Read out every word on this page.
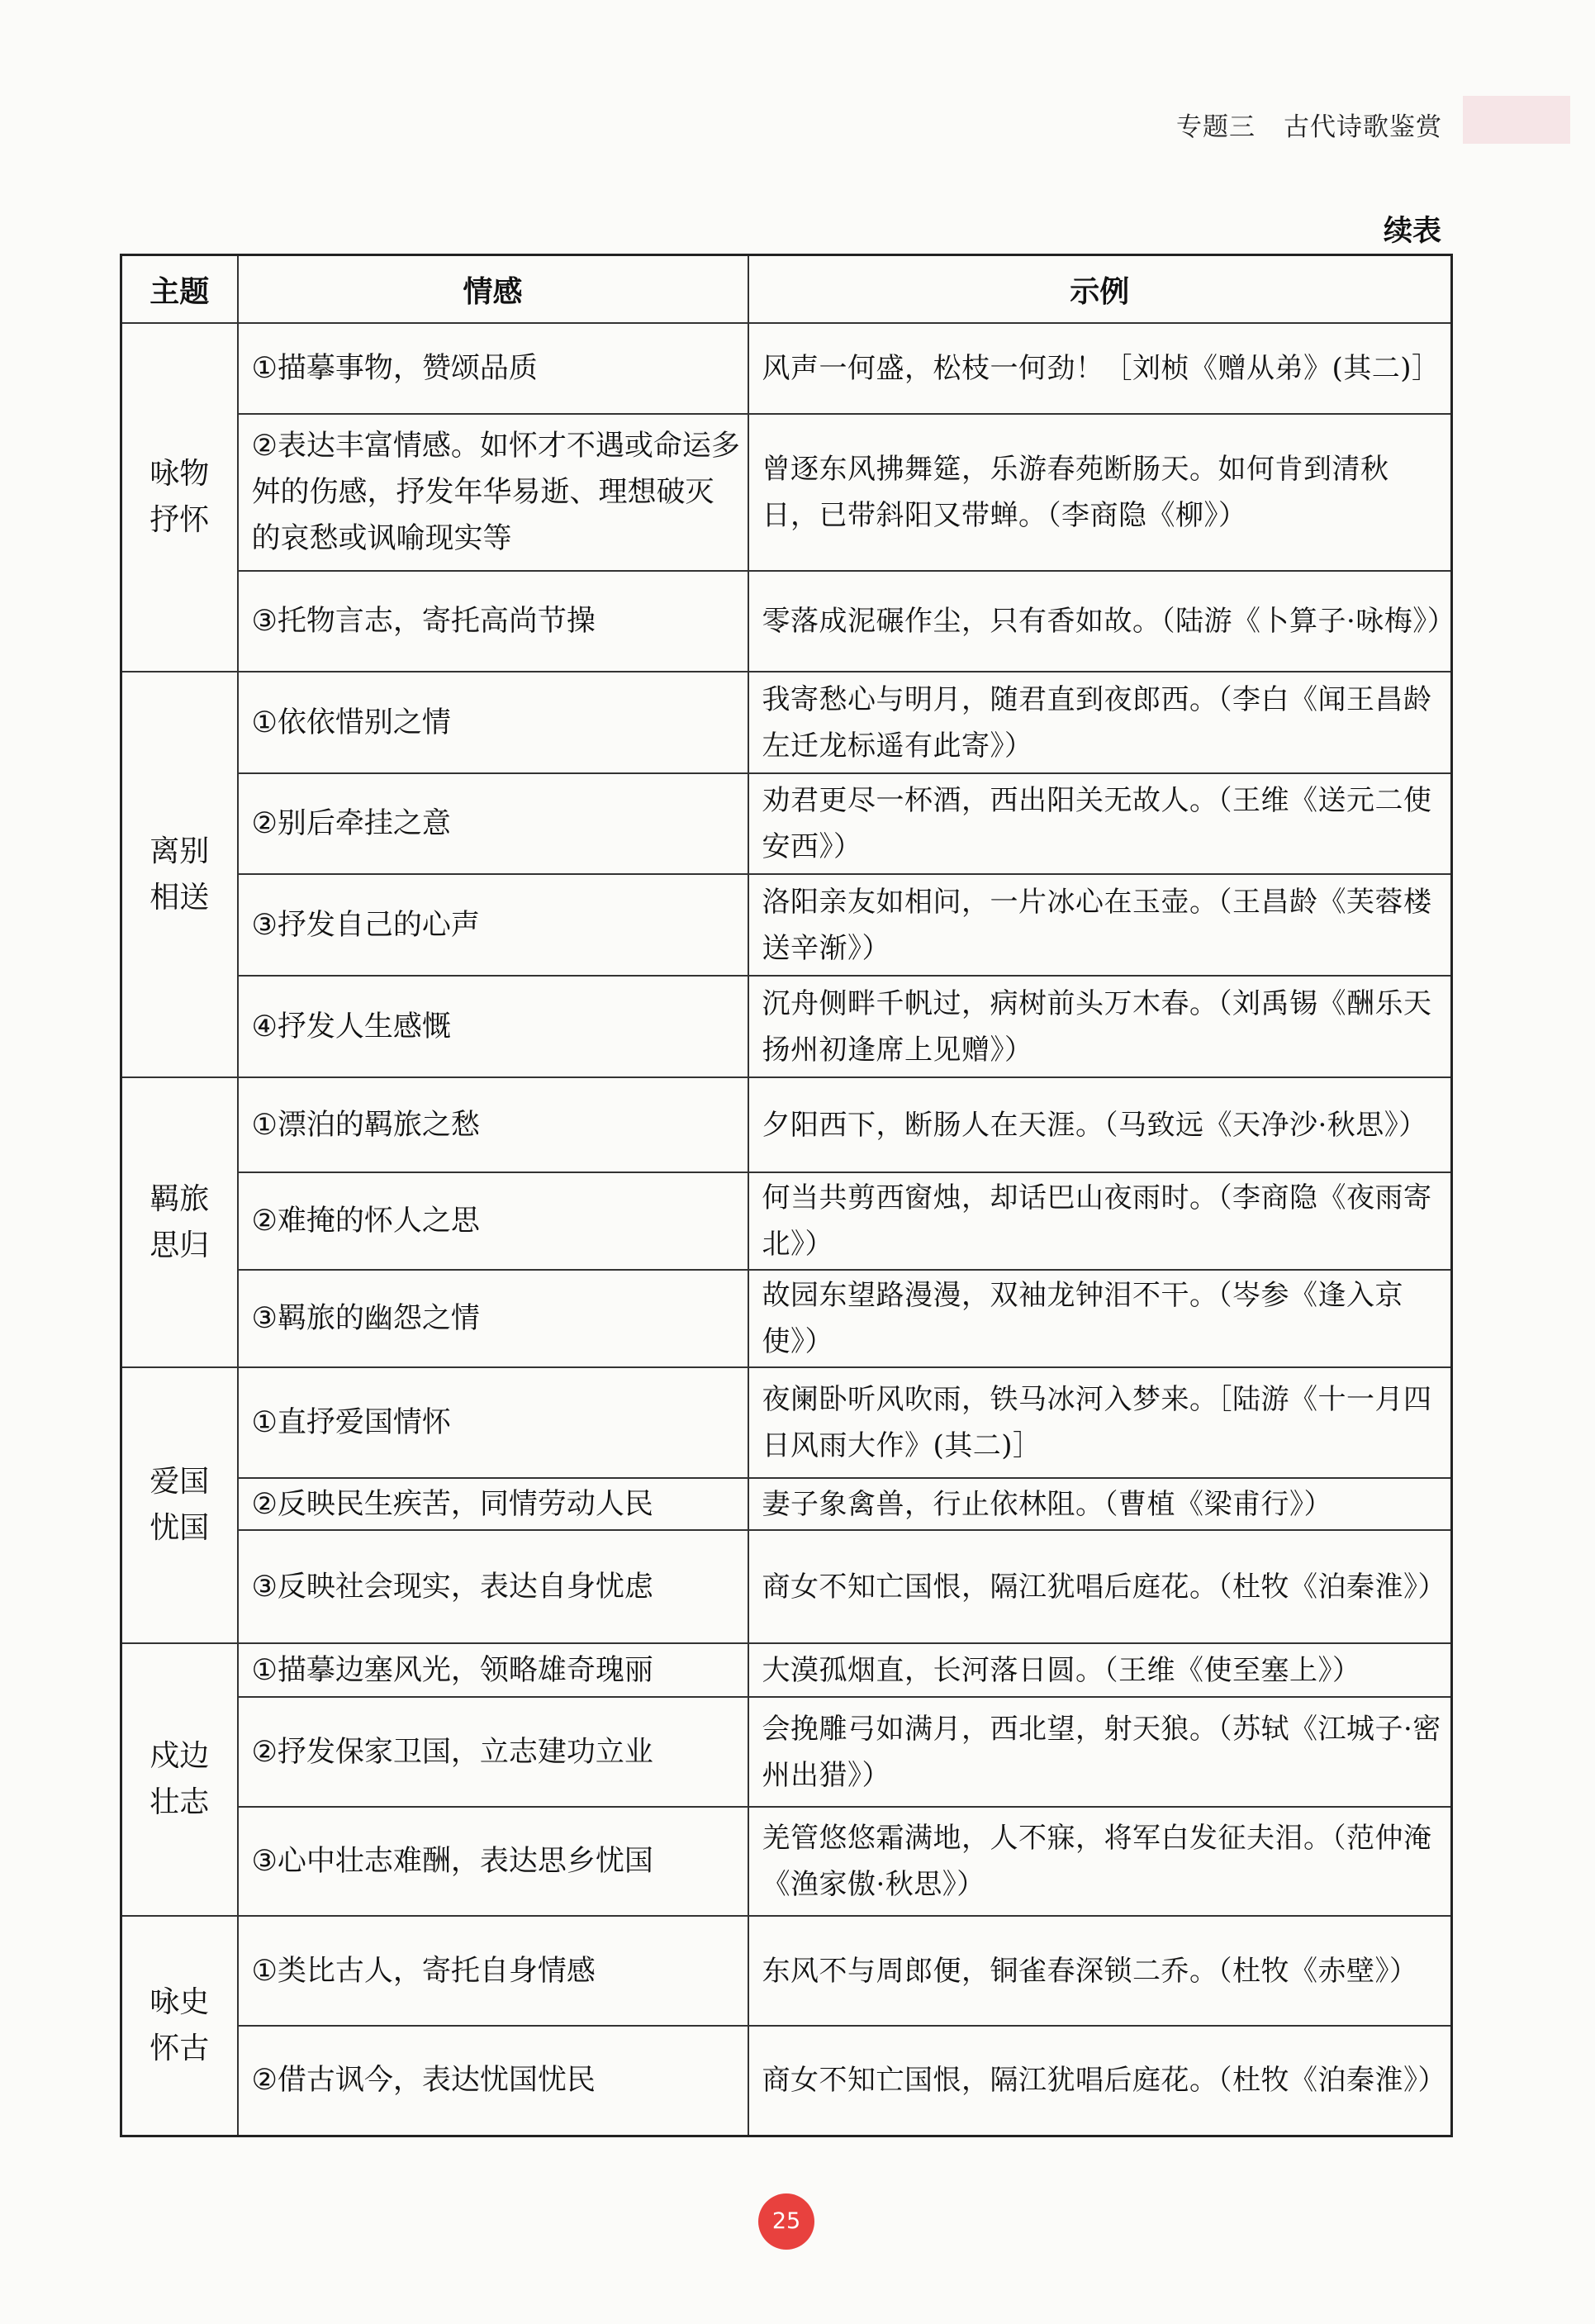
专题三 古代诗歌鉴赏
续表
主题	情感	示例

咏物
抒怀	①描摹事物，赞颂品质	风声一何盛，松枝一何劲！［刘桢《赠从弟》(其二)］
	②表达丰富情感。如怀才不遇或命运多舛的伤感，抒发年华易逝、理想破灭的哀愁或讽喻现实等	曾逐东风拂舞筵，乐游春苑断肠天。如何肯到清秋日，已带斜阳又带蝉。（李商隐《柳》）
	③托物言志，寄托高尚节操	零落成泥碾作尘，只有香如故。（陆游《卜算子·咏梅》）

离别
相送	①依依惜别之情	我寄愁心与明月，随君直到夜郎西。（李白《闻王昌龄左迁龙标遥有此寄》）
	②别后牵挂之意	劝君更尽一杯酒，西出阳关无故人。（王维《送元二使安西》）
	③抒发自己的心声	洛阳亲友如相问，一片冰心在玉壶。（王昌龄《芙蓉楼送辛渐》）
	④抒发人生感慨	沉舟侧畔千帆过，病树前头万木春。（刘禹锡《酬乐天扬州初逢席上见赠》）

羁旅
思归	①漂泊的羁旅之愁	夕阳西下，断肠人在天涯。（马致远《天净沙·秋思》）
	②难掩的怀人之思	何当共剪西窗烛，却话巴山夜雨时。（李商隐《夜雨寄北》）
	③羁旅的幽怨之情	故园东望路漫漫，双袖龙钟泪不干。（岑参《逢入京使》）

爱国
忧国	①直抒爱国情怀	夜阑卧听风吹雨，铁马冰河入梦来。［陆游《十一月四日风雨大作》(其二)］
	②反映民生疾苦，同情劳动人民	妻子象禽兽，行止依林阻。（曹植《梁甫行》）
	③反映社会现实，表达自身忧虑	商女不知亡国恨，隔江犹唱后庭花。（杜牧《泊秦淮》）

戍边
壮志	①描摹边塞风光，领略雄奇瑰丽	大漠孤烟直，长河落日圆。（王维《使至塞上》）
	②抒发保家卫国，立志建功立业	会挽雕弓如满月，西北望，射天狼。（苏轼《江城子·密州出猎》）
	③心中壮志难酬，表达思乡忧国	羌管悠悠霜满地，人不寐，将军白发征夫泪。（范仲淹《渔家傲·秋思》）

咏史
怀古	①类比古人，寄托自身情感	东风不与周郎便，铜雀春深锁二乔。（杜牧《赤壁》）
	②借古讽今，表达忧国忧民	商女不知亡国恨，隔江犹唱后庭花。（杜牧《泊秦淮》）
25
